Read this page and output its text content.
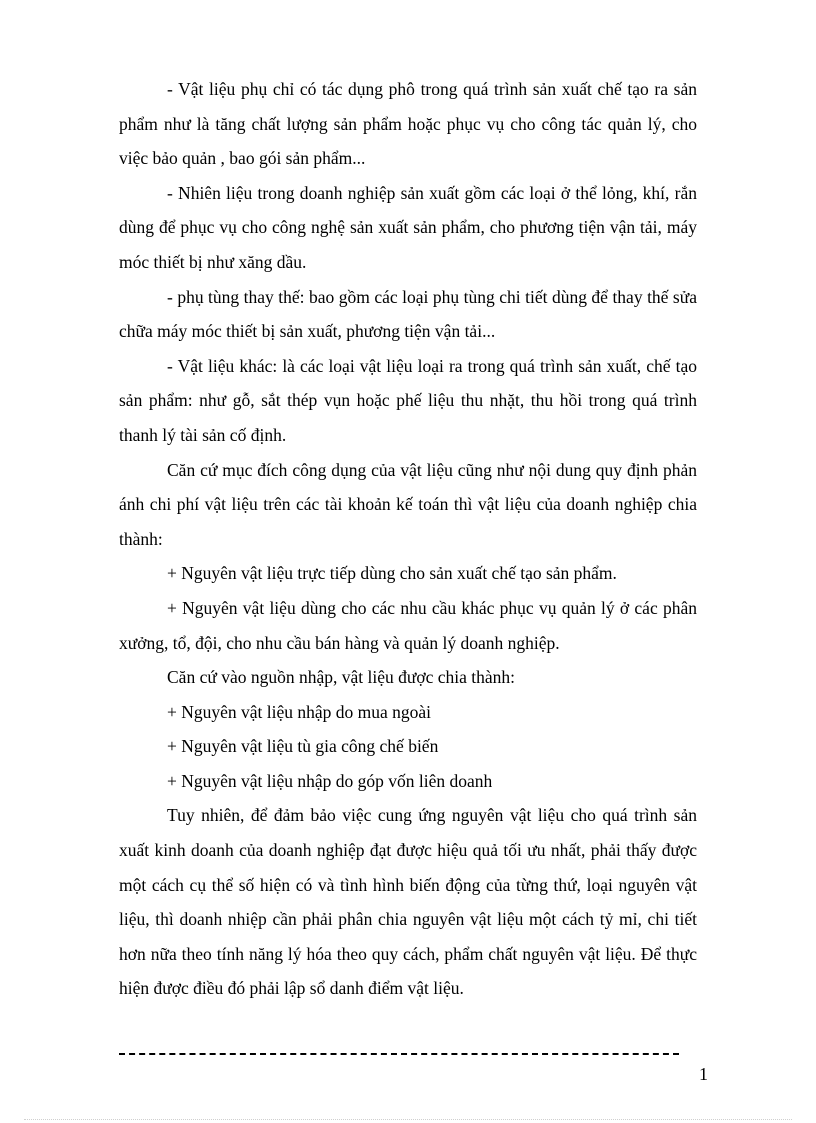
- Vật liệu phụ chỉ có tác dụng phô trong quá trình sản xuất chế tạo ra sản phẩm như là tăng chất lượng sản phẩm hoặc phục vụ cho công tác quản lý, cho việc bảo quản , bao gói sản phẩm...

- Nhiên liệu trong doanh nghiệp sản xuất gồm các loại ở thể lỏng, khí, rắn dùng để phục vụ cho công nghệ sản xuất sản phẩm, cho phương tiện vận tải, máy móc thiết bị như xăng dầu.

- phụ tùng thay thế: bao gồm các loại phụ tùng chi tiết dùng để thay thế sửa chữa máy móc thiết bị sản xuất, phương tiện vận tải...

- Vật liệu khác: là các loại vật liệu loại ra trong quá trình sản xuất, chế tạo sản phẩm: như gỗ, sắt thép vụn hoặc phế liệu thu nhặt, thu hồi trong quá trình thanh lý tài sản cố định.

Căn cứ mục đích công dụng của vật liệu cũng như nội dung quy định phản ánh chi phí vật liệu trên các tài khoản kế toán thì vật liệu của doanh nghiệp chia thành:

+ Nguyên vật liệu trực tiếp dùng cho sản xuất chế tạo sản phẩm.

+ Nguyên vật liệu dùng cho các nhu cầu khác phục vụ quản lý ở các phân xưởng, tổ, đội, cho nhu cầu bán hàng và quản lý doanh nghiệp.

Căn cứ vào nguồn nhập, vật liệu được chia thành:

+ Nguyên vật liệu nhập do mua ngoài

+ Nguyên vật liệu tù gia công chế biến

+ Nguyên vật liệu nhập do góp vốn liên doanh

Tuy nhiên, để đảm bảo việc cung ứng nguyên vật liệu cho quá trình sản xuất kinh doanh của doanh nghiệp đạt được hiệu quả tối ưu nhất, phải thấy được một cách cụ thể số hiện có và tình hình biến động của từng thứ, loại nguyên vật liệu, thì doanh nhiệp cần phải phân chia nguyên vật liệu một cách tỷ mỉ, chi tiết hơn nữa theo tính năng lý hóa theo quy cách, phẩm chất nguyên vật liệu. Để thực hiện được điều đó phải lập sổ danh điểm vật liệu.

1
